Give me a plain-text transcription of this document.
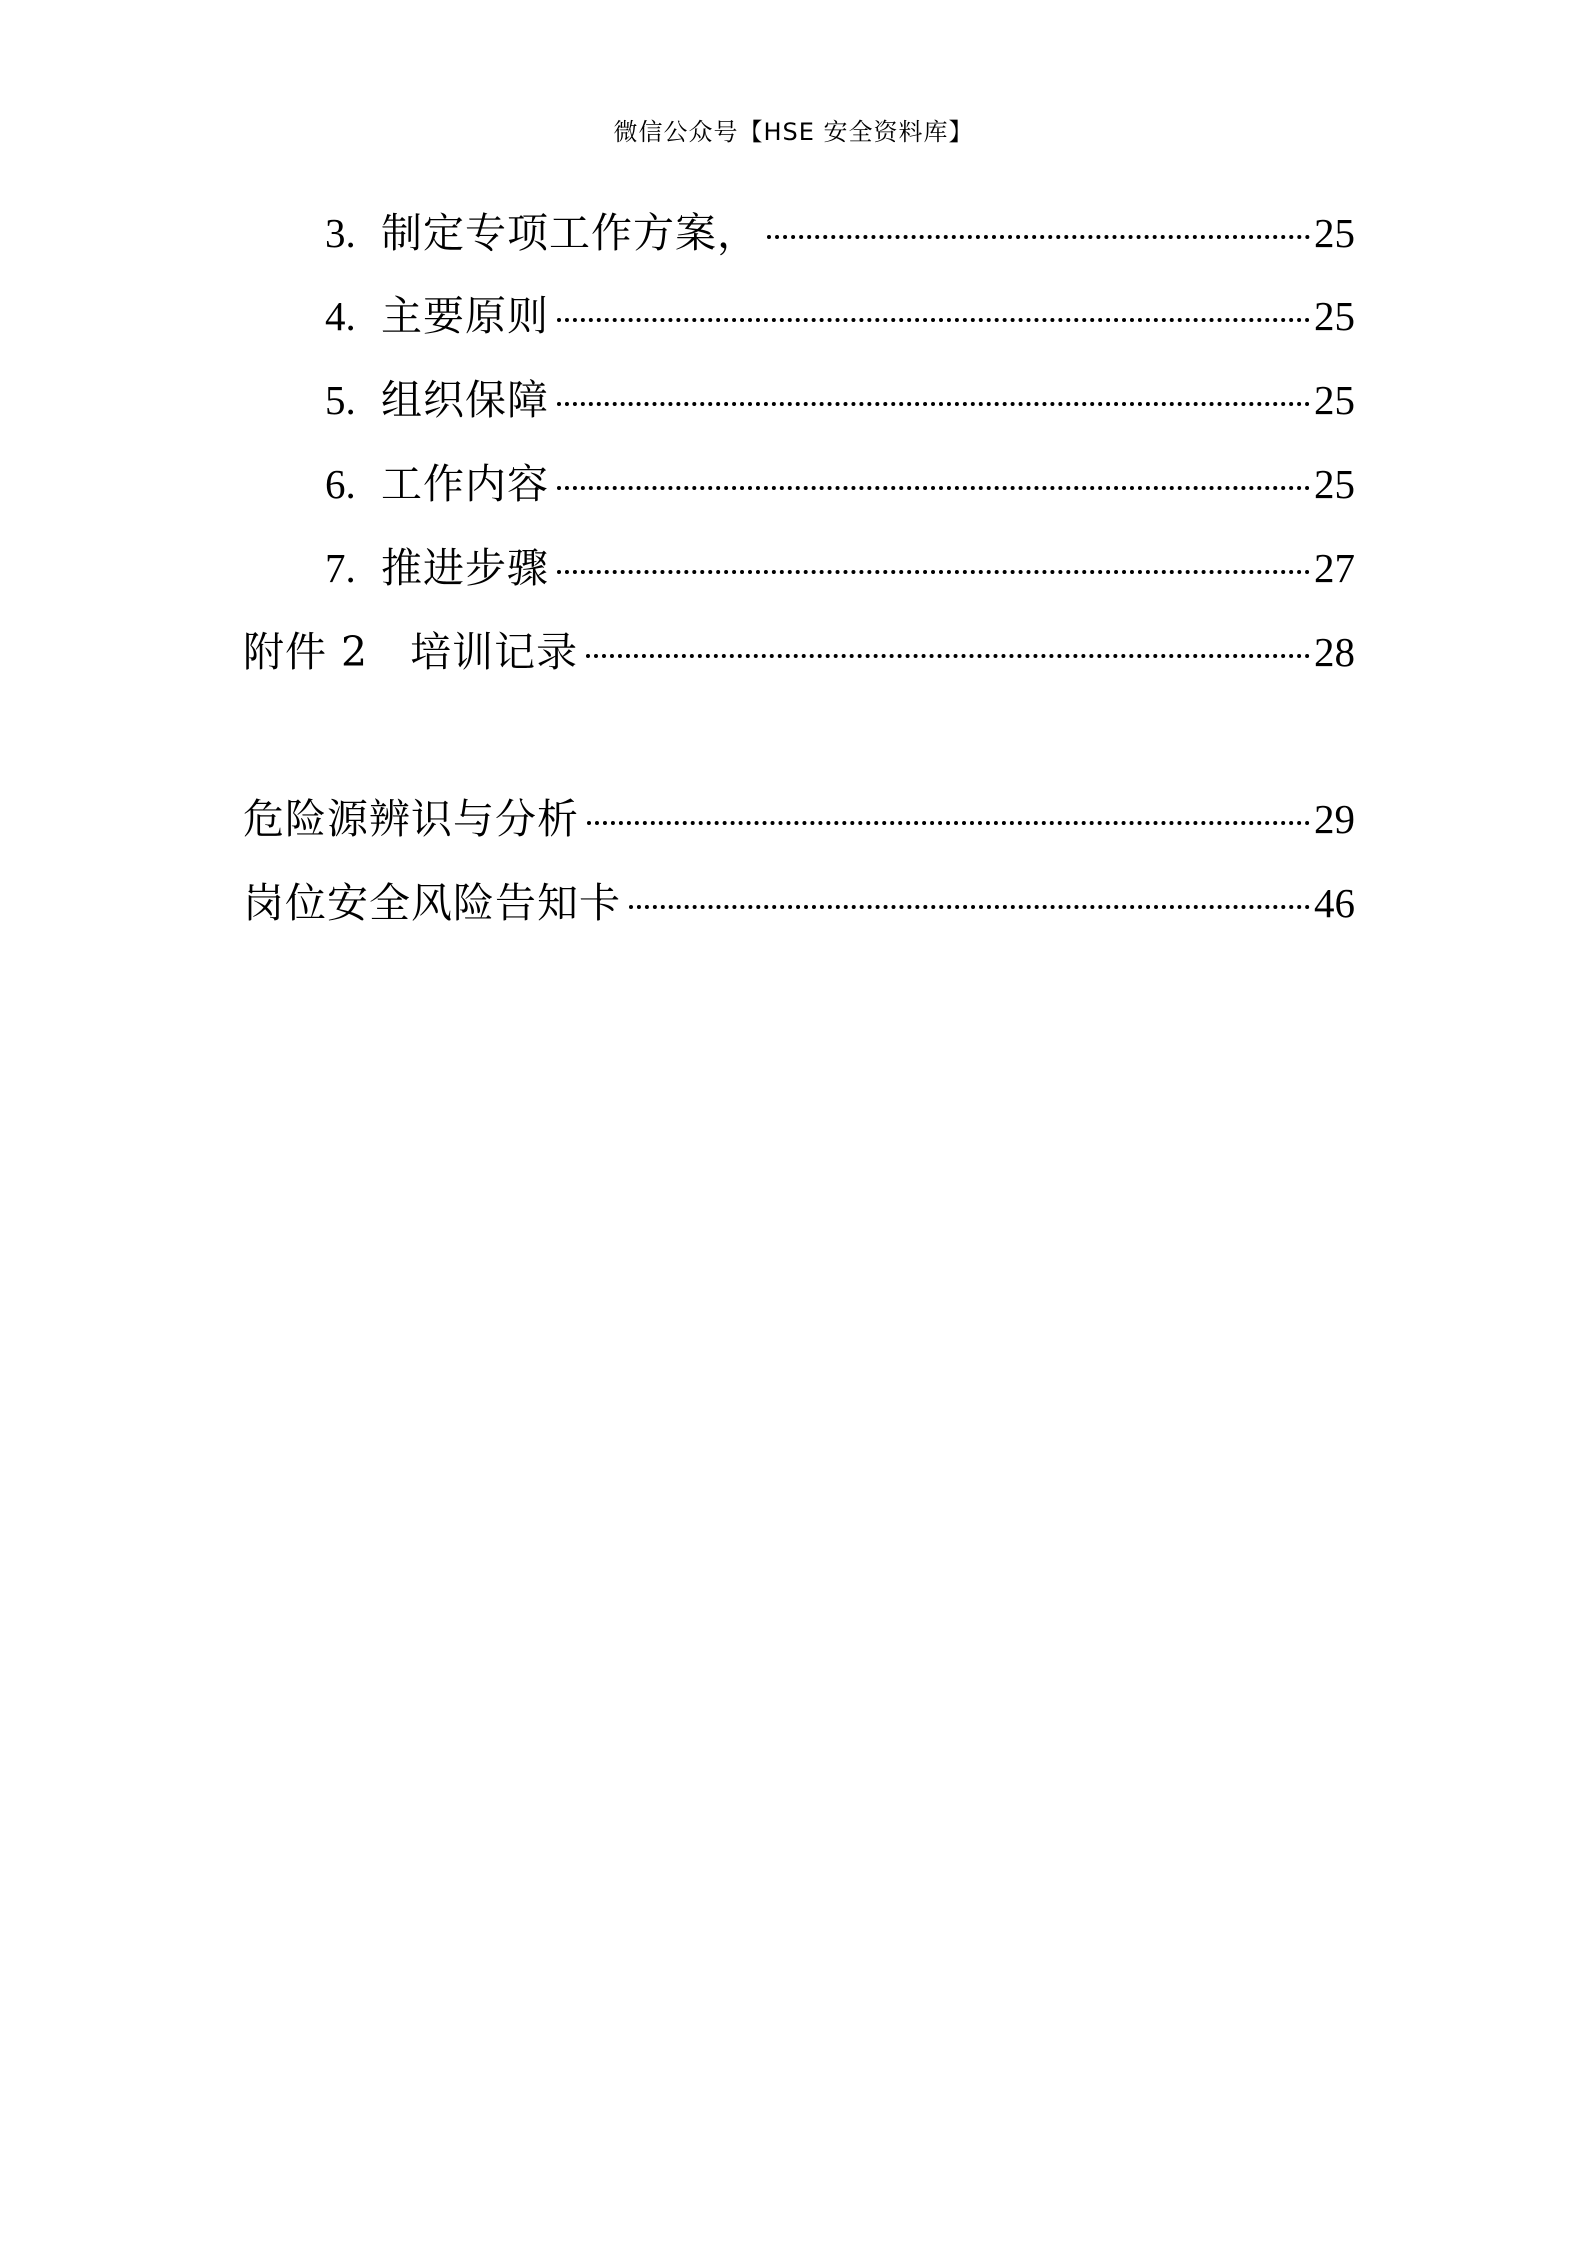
微信公众号【HSE 安全资料库】
3. 制定专项工作方案，	25
4. 主要原则	25
5. 组织保障	25
6. 工作内容	25
7. 推进步骤	27
附件 2　培训记录	28
危险源辨识与分析	29
岗位安全风险告知卡	46
